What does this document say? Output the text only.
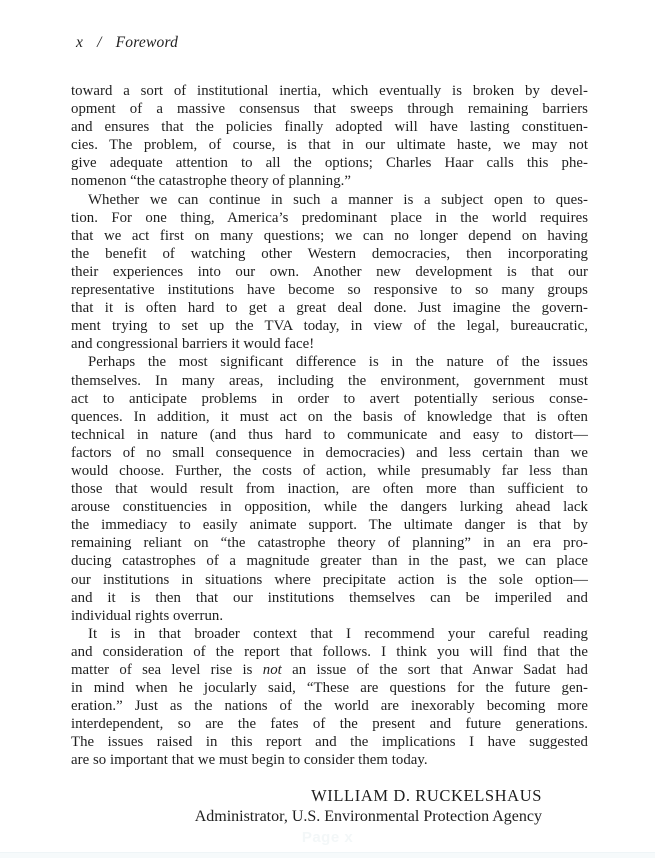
x / Foreword
toward a sort of institutional inertia, which eventually is broken by devel-
opment of a massive consensus that sweeps through remaining barriers
and ensures that the policies finally adopted will have lasting constituen-
cies. The problem, of course, is that in our ultimate haste, we may not
give adequate attention to all the options; Charles Haar calls this phe-
nomenon “the catastrophe theory of planning.”
Whether we can continue in such a manner is a subject open to ques-
tion. For one thing, America’s predominant place in the world requires
that we act first on many questions; we can no longer depend on having
the benefit of watching other Western democracies, then incorporating
their experiences into our own. Another new development is that our
representative institutions have become so responsive to so many groups
that it is often hard to get a great deal done. Just imagine the govern-
ment trying to set up the TVA today, in view of the legal, bureaucratic,
and congressional barriers it would face!
Perhaps the most significant difference is in the nature of the issues
themselves. In many areas, including the environment, government must
act to anticipate problems in order to avert potentially serious conse-
quences. In addition, it must act on the basis of knowledge that is often
technical in nature (and thus hard to communicate and easy to distort—
factors of no small consequence in democracies) and less certain than we
would choose. Further, the costs of action, while presumably far less than
those that would result from inaction, are often more than sufficient to
arouse constituencies in opposition, while the dangers lurking ahead lack
the immediacy to easily animate support. The ultimate danger is that by
remaining reliant on “the catastrophe theory of planning” in an era pro-
ducing catastrophes of a magnitude greater than in the past, we can place
our institutions in situations where precipitate action is the sole option—
and it is then that our institutions themselves can be imperiled and
individual rights overrun.
It is in that broader context that I recommend your careful reading
and consideration of the report that follows. I think you will find that the
matter of sea level rise is not an issue of the sort that Anwar Sadat had
in mind when he jocularly said, “These are questions for the future gen-
eration.” Just as the nations of the world are inexorably becoming more
interdependent, so are the fates of the present and future generations.
The issues raised in this report and the implications I have suggested
are so important that we must begin to consider them today.
WILLIAM D. RUCKELSHAUS
Administrator, U.S. Environmental Protection Agency
Page x
